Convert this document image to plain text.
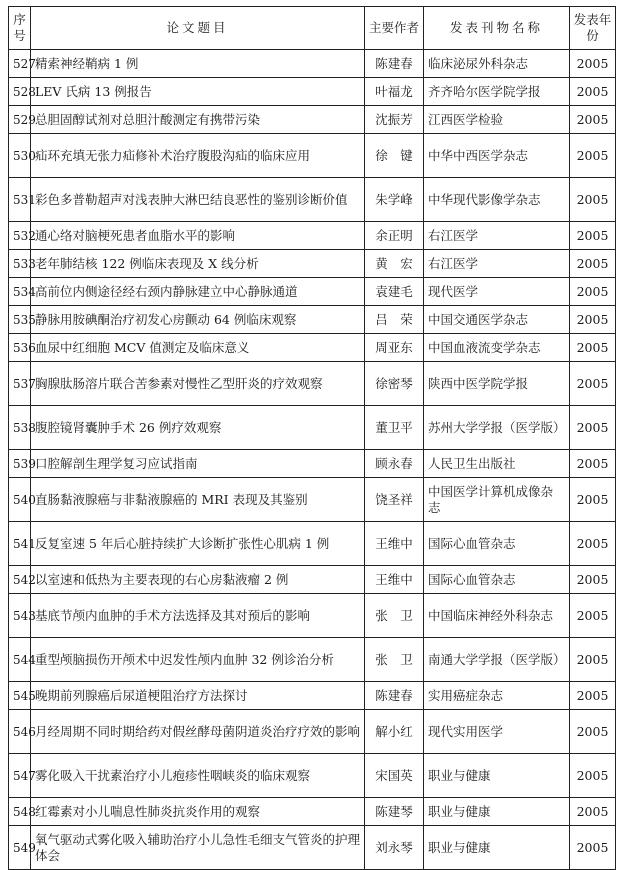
序号	论文题目	主要作者	发表刊物名称	发表年份
527	精索神经鞘病 1 例	陈建春	临床泌尿外科杂志	2005
528	LEV 氏病 13 例报告	叶福龙	齐齐哈尔医学院学报	2005
529	总胆固醇试剂对总胆汁酸测定有携带污染	沈振芳	江西医学检验	2005
530	疝环充填无张力疝修补术治疗腹股沟疝的临床应用	徐　键	中华中西医学杂志	2005
531	彩色多普勒超声对浅表肿大淋巴结良恶性的鉴别诊断价值	朱学峰	中华现代影像学杂志	2005
532	通心络对脑梗死患者血脂水平的影响	余正明	右江医学	2005
533	老年肺结核 122 例临床表现及 X 线分析	黄　宏	右江医学	2005
534	高前位内侧途径经右颈内静脉建立中心静脉通道	袁建毛	现代医学	2005
535	静脉用胺碘酮治疗初发心房颤动 64 例临床观察	吕　荣	中国交通医学杂志	2005
536	血尿中红细胞 MCV 值测定及临床意义	周亚东	中国血液流变学杂志	2005
537	胸腺肽肠溶片联合苦参素对慢性乙型肝炎的疗效观察	徐密琴	陕西中医学院学报	2005
538	腹腔镜肾囊肿手术 26 例疗效观察	董卫平	苏州大学学报（医学版）	2005
539	口腔解剖生理学复习应试指南	顾永春	人民卫生出版社	2005
540	直肠黏液腺癌与非黏液腺癌的 MRI 表现及其鉴别	饶圣祥	中国医学计算机成像杂志	2005
541	反复室速 5 年后心脏持续扩大诊断扩张性心肌病 1 例	王维中	国际心血管杂志	2005
542	以室速和低热为主要表现的右心房黏液瘤 2 例	王维中	国际心血管杂志	2005
543	基底节颅内血肿的手术方法选择及其对预后的影响	张　卫	中国临床神经外科杂志	2005
544	重型颅脑损伤开颅术中迟发性颅内血肿 32 例诊治分析	张　卫	南通大学学报（医学版）	2005
545	晚期前列腺癌后尿道梗阻治疗方法探讨	陈建春	实用癌症杂志	2005
546	月经周期不同时期给药对假丝酵母菌阴道炎治疗疗效的影响	解小红	现代实用医学	2005
547	雾化吸入干扰素治疗小儿疱疹性咽峡炎的临床观察	宋国英	职业与健康	2005
548	红霉素对小儿喘息性肺炎抗炎作用的观察	陈建琴	职业与健康	2005
549	氧气驱动式雾化吸入辅助治疗小儿急性毛细支气管炎的护理体会	刘永琴	职业与健康	2005
